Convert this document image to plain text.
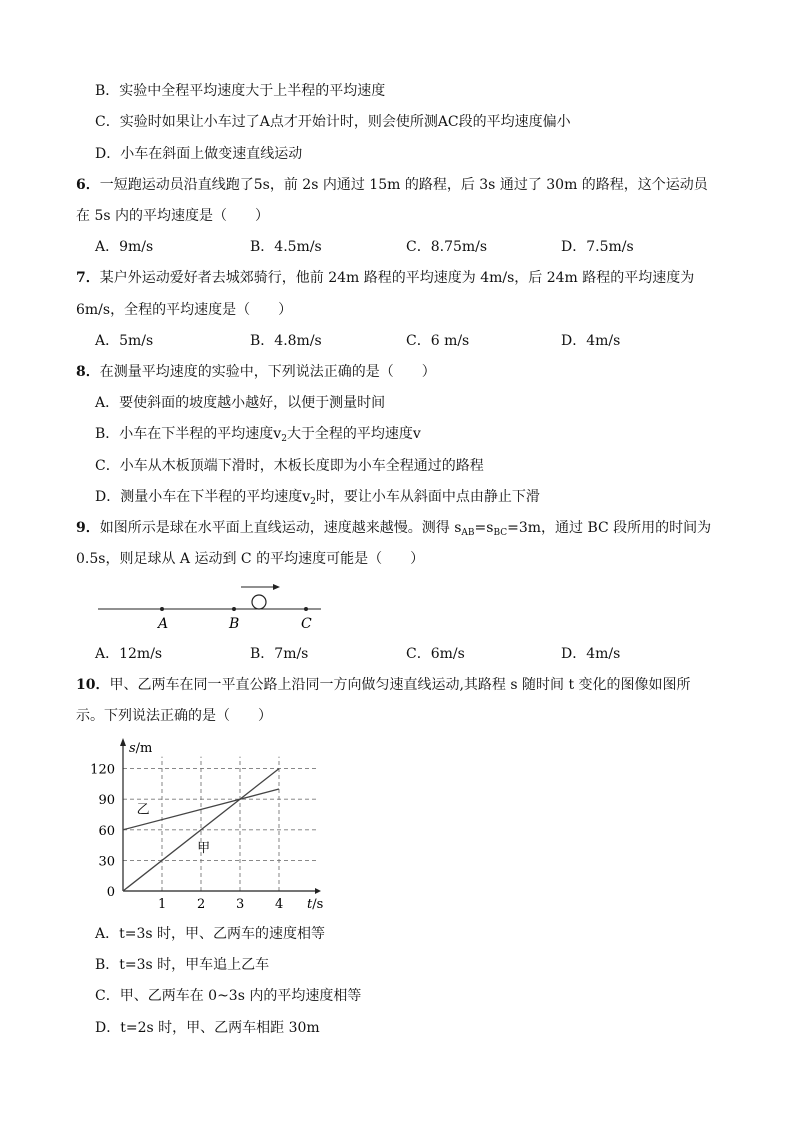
B．实验中全程平均速度大于上半程的平均速度
C．实验时如果让小车过了A点才开始计时，则会使所测AC段的平均速度偏小
D．小车在斜面上做变速直线运动
6．一短跑运动员沿直线跑了5s，前 2s 内通过 15m 的路程，后 3s 通过了 30m 的路程，这个运动员
在 5s 内的平均速度是（　　）
A．9m/s	B．4.5m/s	C．8.75m/s	D．7.5m/s
7．某户外运动爱好者去城郊骑行，他前 24m 路程的平均速度为 4m/s，后 24m 路程的平均速度为
6m/s，全程的平均速度是（　　）
A．5m/s	B．4.8m/s	C．6 m/s	D．4m/s
8．在测量平均速度的实验中，下列说法正确的是（　　）
A．要使斜面的坡度越小越好，以便于测量时间
B．小车在下半程的平均速度$v_2$大于全程的平均速度v
C．小车从木板顶端下滑时，木板长度即为小车全程通过的路程
D．测量小车在下半程的平均速度$v_2$时，要让小车从斜面中点由静止下滑
9．如图所示是球在水平面上直线运动，速度越来越慢。测得 $s_{AB}=s_{BC}=3m$，通过 BC 段所用的时间为
0.5s，则足球从 A 运动到 C 的平均速度可能是（　　）
A	B	C
A．12m/s	B．7m/s	C．6m/s	D．4m/s
10．甲、乙两车在同一平直公路上沿同一方向做匀速直线运动,其路程 s 随时间 t 变化的图像如图所
示。下列说法正确的是（　　）
1 2 3 4
0
30
60
90
120
s/m
t/s
甲
乙
A．t=3s 时，甲、乙两车的速度相等
B．t=3s 时，甲车追上乙车
C．甲、乙两车在 0~3s 内的平均速度相等
D．t=2s 时，甲、乙两车相距 30m
